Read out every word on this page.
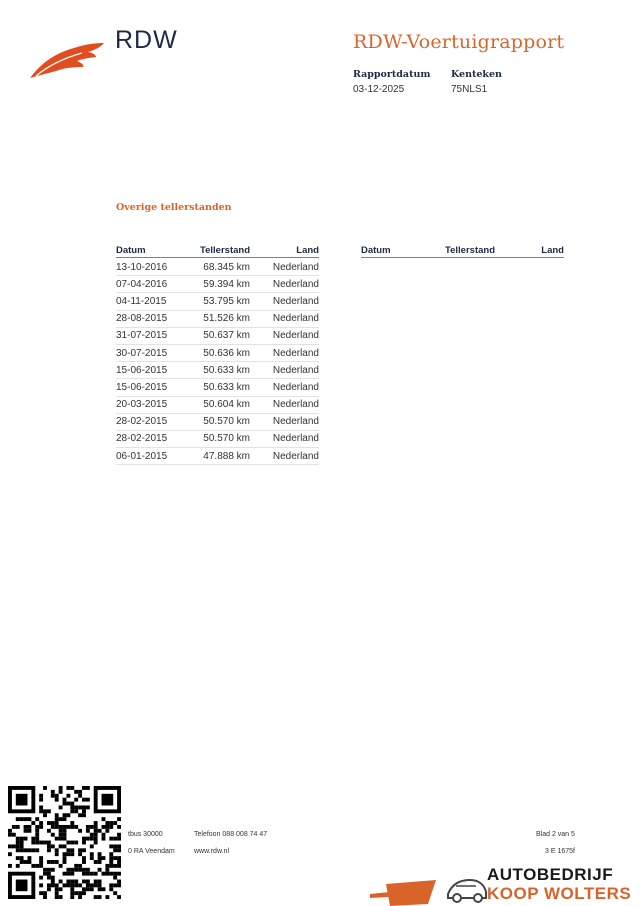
RDW	RDW-Voertuigrapport
Rapportdatum
03-12-2025
Kenteken
75NLS1
Overige tellerstanden
Datum	Tellerstand	Land
13-10-2016	68.345 km	Nederland
07-04-2016	59.394 km	Nederland
04-11-2015	53.795 km	Nederland
28-08-2015	51.526 km	Nederland
31-07-2015	50.637 km	Nederland
30-07-2015	50.636 km	Nederland
15-06-2015	50.633 km	Nederland
15-06-2015	50.633 km	Nederland
20-03-2015	50.604 km	Nederland
28-02-2015	50.570 km	Nederland
28-02-2015	50.570 km	Nederland
06-01-2015	47.888 km	Nederland
Datum	Tellerstand	Land
tbus 30000
0 RA Veendam
Telefoon 088 008 74 47
www.rdw.nl
Blad 2 van 5
3 E 1675f
AUTOBEDRIJF
KOOP WOLTERS
